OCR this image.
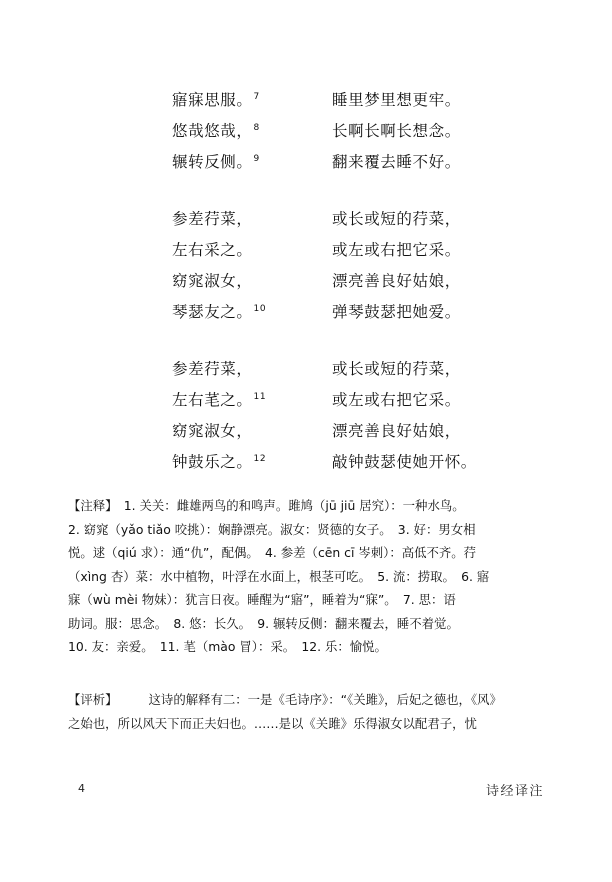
寤寐思服。$^7$	睡里梦里想更牢。
悠哉悠哉，$^8$	长啊长啊长想念。
辗转反侧。$^9$	翻来覆去睡不好。
参差荇菜，	或长或短的荇菜，
左右采之。	或左或右把它采。
窈窕淑女，	漂亮善良好姑娘，
琴瑟友之。$^{10}$	弹琴鼓瑟把她爱。
参差荇菜，	或长或短的荇菜，
左右芼之。$^{11}$	或左或右把它采。
窈窕淑女，	漂亮善良好姑娘，
钟鼓乐之。$^{12}$	敲钟鼓瑟使她开怀。

【注释】　 1. 关关：雌雄两鸟的和鸣声。雎鸠（jū jiū 居究）：一种水鸟。

2. 窈窕（yǎo tiǎo 咬挑）：娴静漂亮。淑女：贤德的女子。　3. 好：男女相

悦。逑（qiú 求）：通“仇”，配偶。　4. 参差（cēn cī 岑刺）：高低不齐。荇

（xìng 杏）菜：水中植物，叶浮在水面上，根茎可吃。　5. 流：捞取。　6. 寤

寐（wù mèi 物妹）：犹言日夜。睡醒为“寤”，睡着为“寐”。　7. 思：语

助词。服：思念。　8. 悠：长久。　9. 辗转反侧：翻来覆去，睡不着觉。

10. 友：亲爱。　11. 芼（mào 冒）：采。　12. 乐：愉悦。

【评析】　　　	这诗的解释有二：一是《毛诗序》：“《关雎》，后妃之德也，《风》

之始也，所以风天下而正夫妇也。……是以《关雎》乐得淑女以配君子，忧

4	诗经译注
